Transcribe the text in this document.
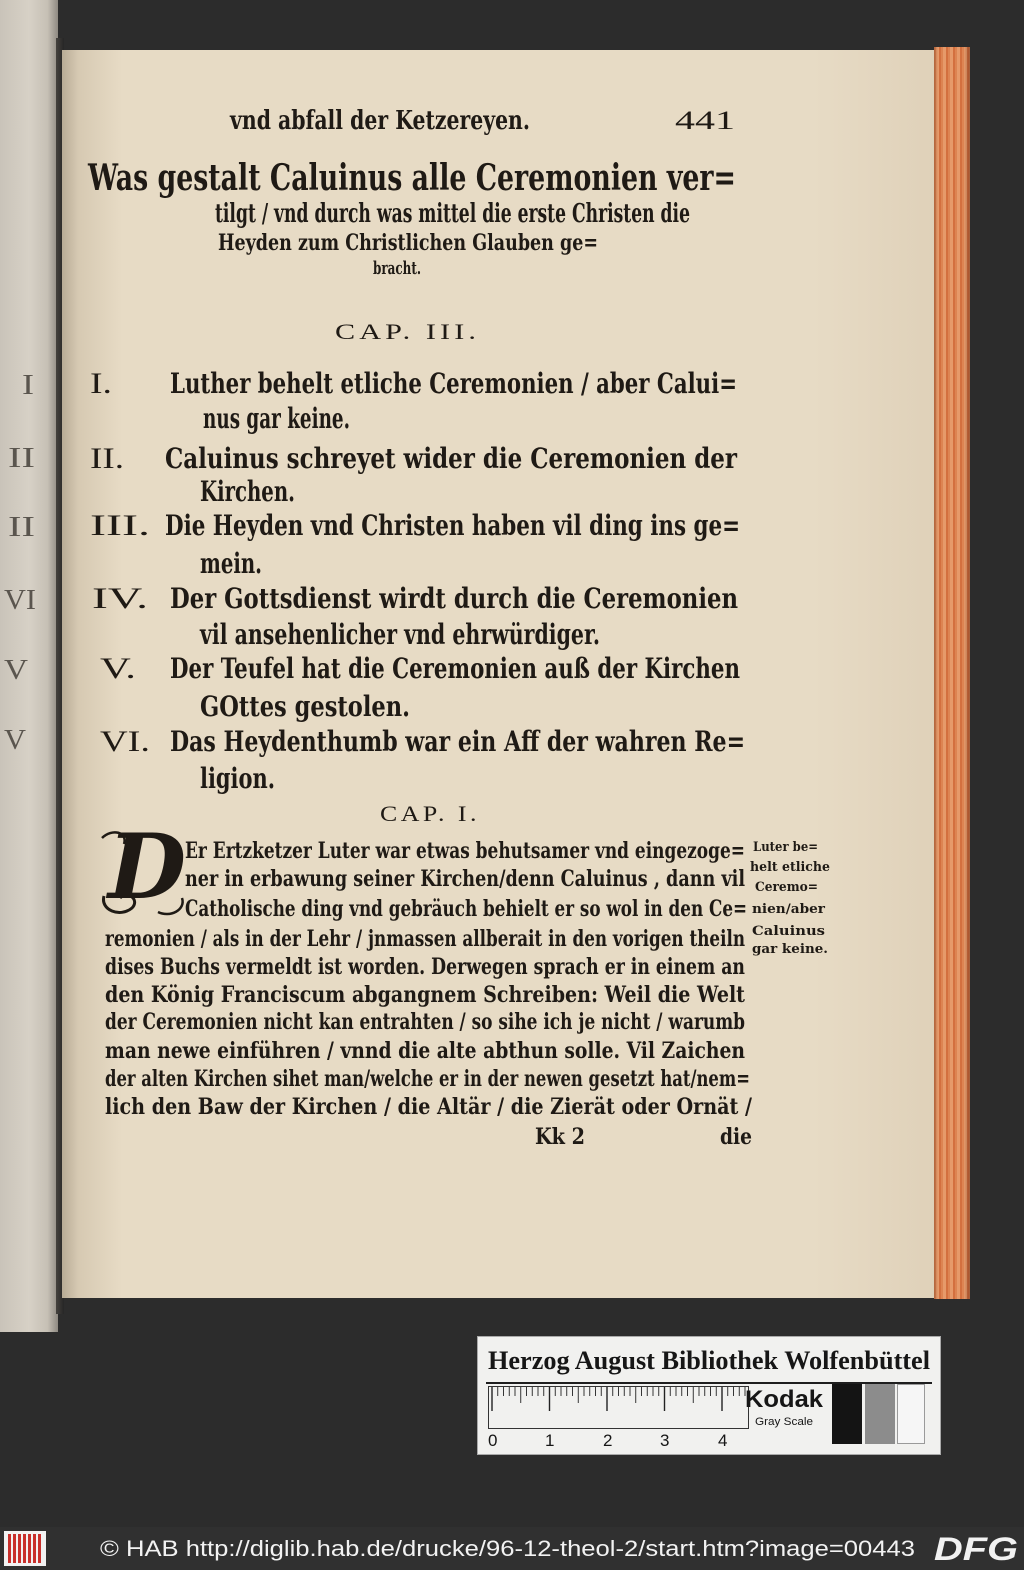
I
II
II
VI
V
V
vnd abfall der Ketzereyen.	441
Was gestalt Caluinus alle Ceremonien ver=
tilgt / vnd durch was mittel die erste Christen die
Heyden zum Christlichen Glauben ge=
bracht.
CAP. III.
I. Luther behelt etliche Ceremonien / aber Calui=
nus gar keine.
II. Caluinus schreyet wider die Ceremonien der
Kirchen.
III. Die Heyden vnd Christen haben vil ding ins ge=
mein.
IV. Der Gottsdienst wirdt durch die Ceremonien
vil ansehenlicher vnd ehrwürdiger.
V. Der Teufel hat die Ceremonien auß der Kirchen
GOttes gestolen.
VI. Das Heydenthumb war ein Aff der wahren Re=
ligion.
CAP. I.
D
Er Ertzketzer Luter war etwas behutsamer vnd eingezoge=
ner in erbawung seiner Kirchen/denn Caluinus , dann vil
Catholische ding vnd gebräuch behielt er so wol in den Ce=
remonien / als in der Lehr / jnmassen allberait in den vorigen theiln
dises Buchs vermeldt ist worden. Derwegen sprach er in einem an
den König Franciscum abgangnem Schreiben: Weil die Welt
der Ceremonien nicht kan entrahten / so sihe ich je nicht / warumb
man newe einführen / vnnd die alte abthun solle. Vil Zaichen
der alten Kirchen sihet man/welche er in der newen gesetzt hat/nem=
lich den Baw der Kirchen / die Altär / die Zierät oder Ornät /
Luter be=
helt etliche
Ceremo=
nien/aber
Caluinus
gar keine.
Kk 2	die
Herzog August Bibliothek Wolfenbüttel
0	1	2	3	4
Kodak
Gray Scale
© HAB http://diglib.hab.de/drucke/96-12-theol-2/start.htm?image=00443 DFG
